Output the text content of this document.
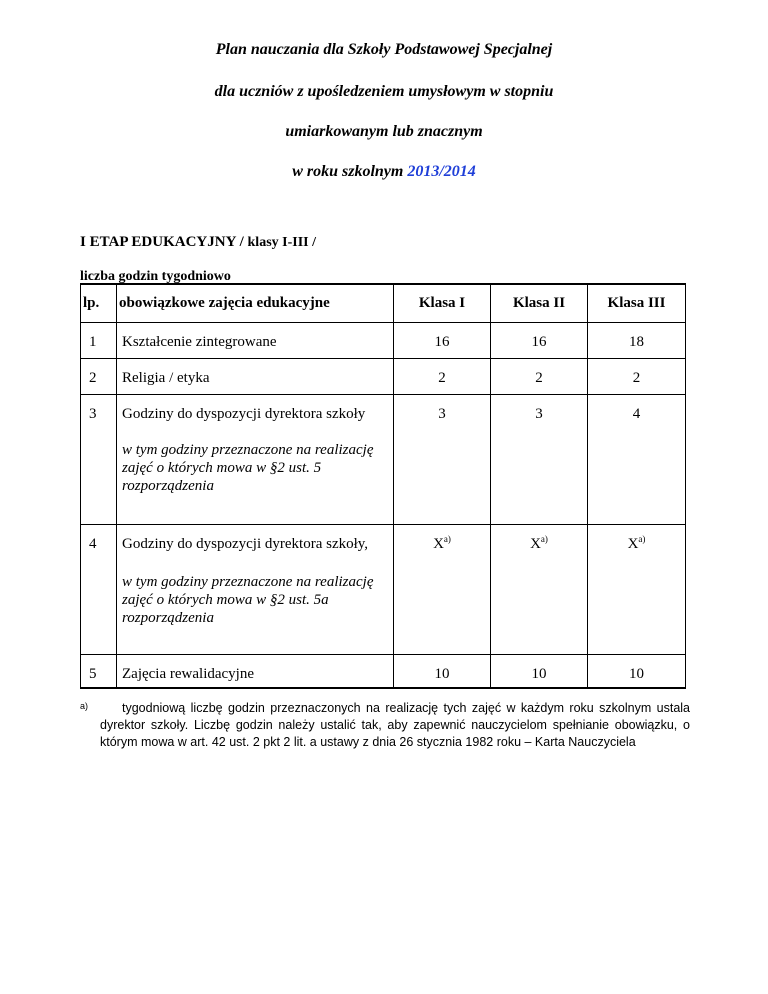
Plan nauczania dla Szkoły Podstawowej Specjalnej
dla uczniów z upośledzeniem umysłowym w stopniu
umiarkowanym lub znacznym
w roku szkolnym 2013/2014
I ETAP EDUKACYJNY / klasy I-III /
liczba godzin tygodniowo
lp.	obowiązkowe zajęcia edukacyjne	Klasa I	Klasa II	Klasa III
1	Kształcenie zintegrowane	16	16	18
2	Religia / etyka	2	2	2
3	Godziny do dyspozycji dyrektora szkoły
w tym godziny przeznaczone na realizację zajęć o których mowa w §2 ust. 5 rozporządzenia	3	3	4
4	Godziny do dyspozycji dyrektora szkoły,
w tym godziny przeznaczone na realizację zajęć o których mowa w §2 ust. 5a rozporządzenia	$X^{a)}$	$X^{a)}$	$X^{a)}$
5	Zajęcia rewalidacyjne	10	10	10
a)	tygodniową liczbę godzin przeznaczonych na realizację tych zajęć w każdym roku szkolnym ustala dyrektor szkoły. Liczbę godzin należy ustalić tak, aby zapewnić nauczycielom spełnianie obowiązku, o którym mowa w art. 42 ust. 2 pkt 2 lit. a ustawy z dnia 26 stycznia 1982 roku – Karta Nauczyciela
